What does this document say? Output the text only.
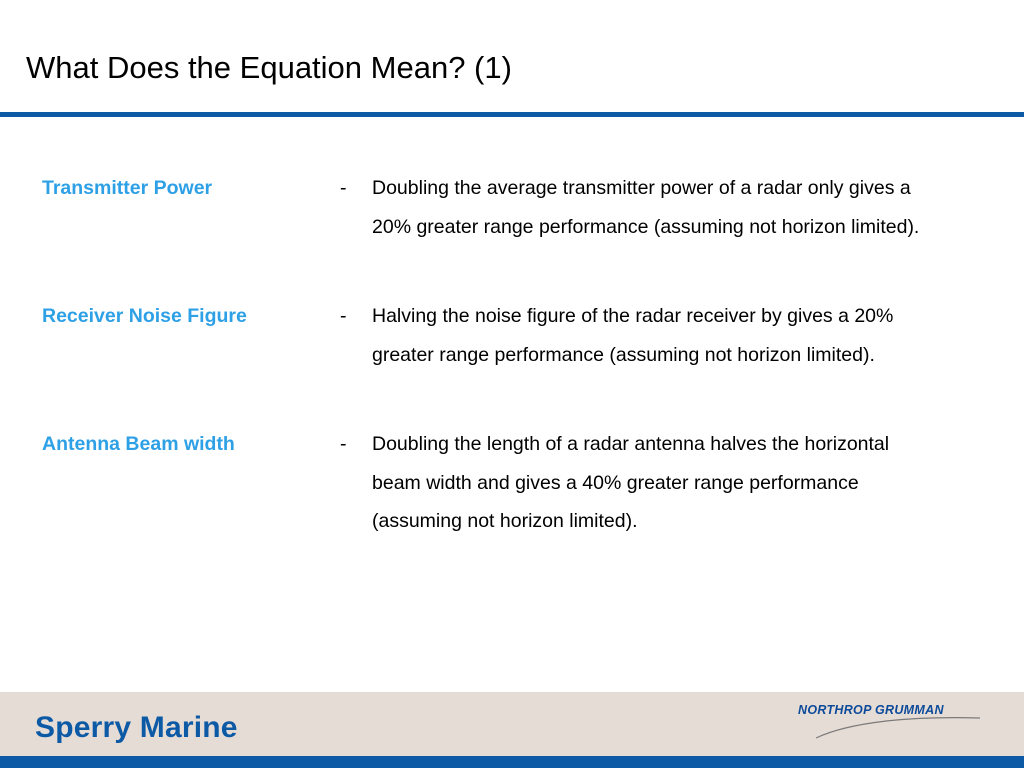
What Does the Equation Mean? (1)
Transmitter Power	- Doubling the average transmitter power of a radar only gives a 20% greater range performance (assuming not horizon limited).
Receiver Noise Figure	- Halving the noise figure of the radar receiver by gives a 20% greater range performance (assuming not horizon limited).
Antenna Beam width	- Doubling the length of a radar antenna halves the horizontal beam width and gives a 40% greater range performance (assuming not horizon limited).
Sperry Marine
NORTHROP GRUMMAN
